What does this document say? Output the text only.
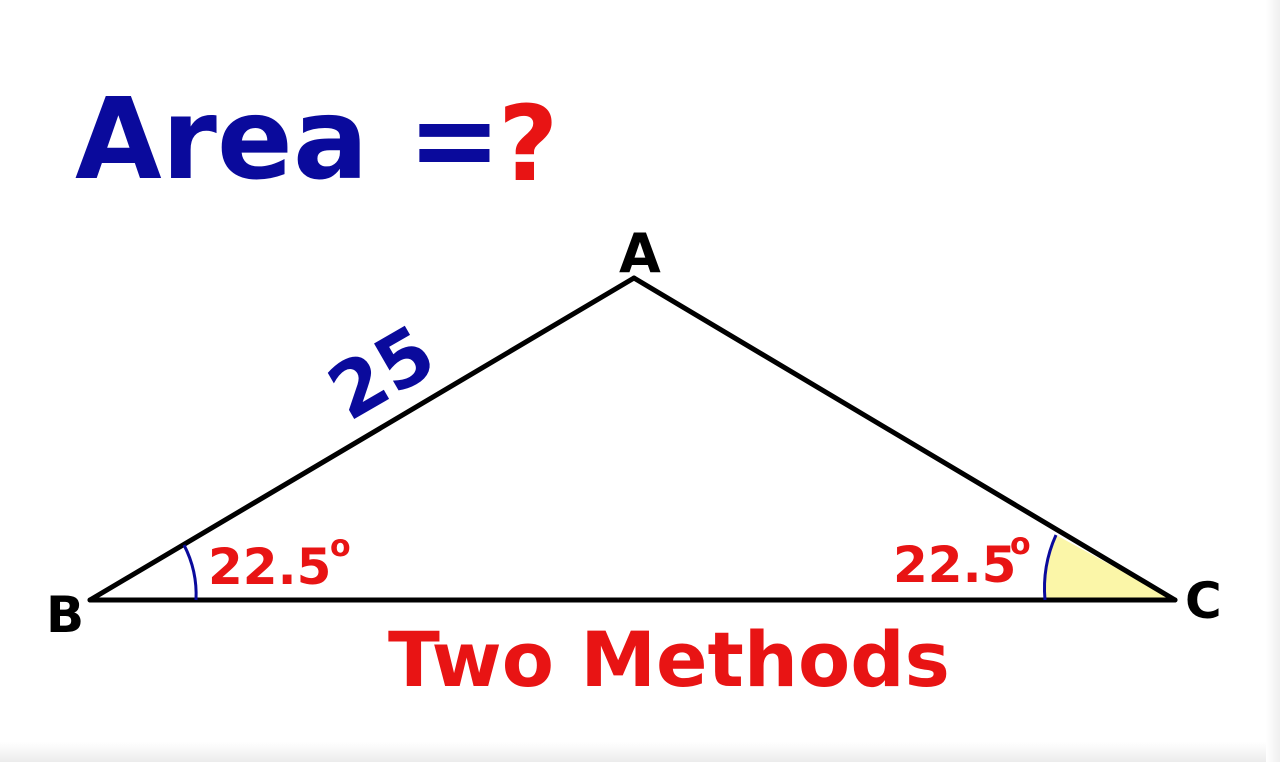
Area =
?
A
B	C
25
22.5
o	22.5
o
Two Methods
